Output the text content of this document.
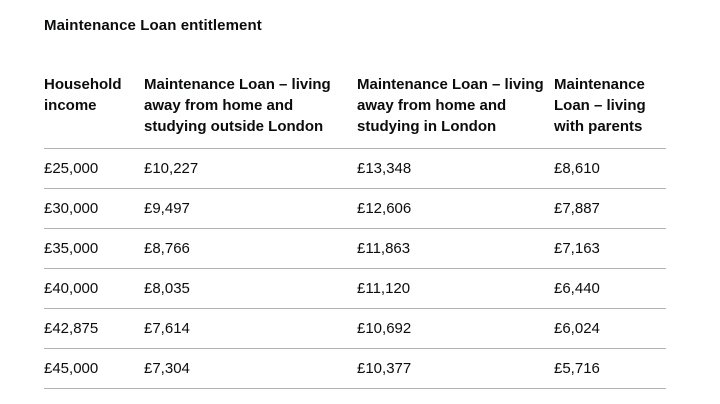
Maintenance Loan entitlement
Household income	Maintenance Loan – living away from home and studying outside London	Maintenance Loan – living away from home and studying in London	Maintenance Loan – living with parents
£25,000	£10,227	£13,348	£8,610
£30,000	£9,497	£12,606	£7,887
£35,000	£8,766	£11,863	£7,163
£40,000	£8,035	£11,120	£6,440
£42,875	£7,614	£10,692	£6,024
£45,000	£7,304	£10,377	£5,716
